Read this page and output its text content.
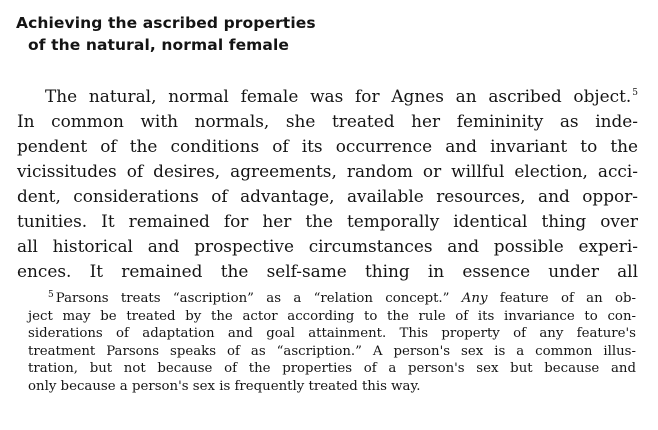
Achieving the ascribed properties
of the natural, normal female
The natural, normal female was for Agnes an ascribed object.$^5$
In common with normals, she treated her femininity as inde-
pendent of the conditions of its occurrence and invariant to the
vicissitudes of desires, agreements, random or willful election, acci-
dent, considerations of advantage, available resources, and oppor-
tunities. It remained for her the temporally identical thing over
all historical and prospective circumstances and possible experi-
ences. It remained the self-same thing in essence under all
$^5$ Parsons treats “ascription” as a “relation concept.” Any feature of an ob-
ject may be treated by the actor according to the rule of its invariance to con-
siderations of adaptation and goal attainment. This property of any feature's
treatment Parsons speaks of as “ascription.” A person's sex is a common illus-
tration, but not because of the properties of a person's sex but because and
only because a person's sex is frequently treated this way.
